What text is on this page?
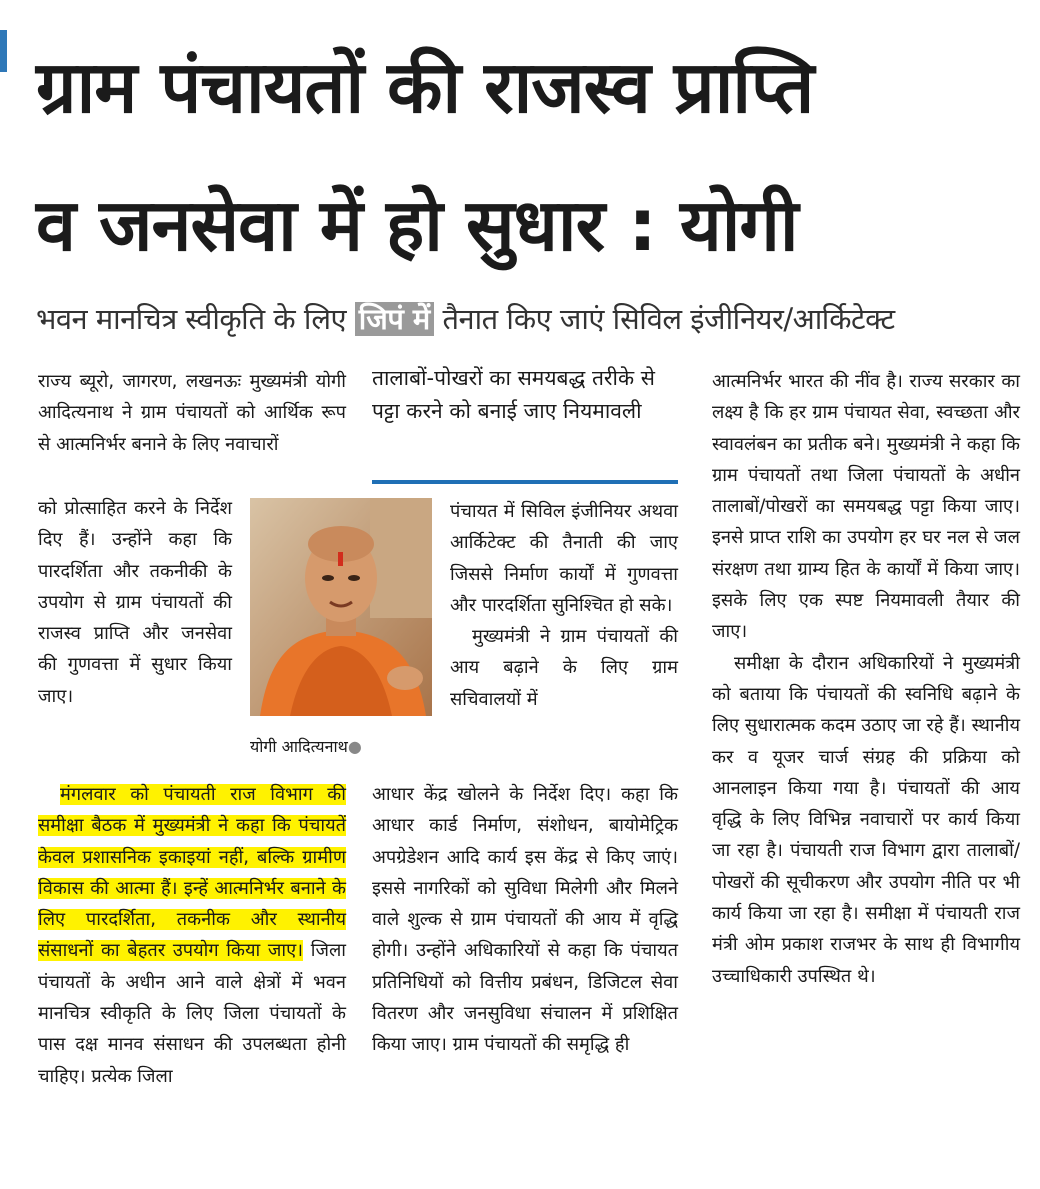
ग्राम पंचायतों की राजस्व प्राप्ति
व जनसेवा में हो सुधार : योगी
भवन मानचित्र स्वीकृति के लिए जिपं में तैनात किए जाएं सिविल इंजीनियर/आर्किटेक्ट

राज्य ब्यूरो, जागरण, लखनऊः मुख्यमंत्री योगी आदित्यनाथ ने ग्राम पंचायतों को आर्थिक रूप से आत्मनिर्भर बनाने के लिए नवाचारों

को प्रोत्साहित करने के निर्देश दिए हैं। उन्होंने कहा कि पारदर्शिता और तकनीकी के उपयोग से ग्राम पंचायतों की राजस्व प्राप्ति और जनसेवा की गुणवत्ता में सुधार किया जाए।

मंगलवार को पंचायती राज विभाग की समीक्षा बैठक में मुख्यमंत्री ने कहा कि पंचायतें केवल प्रशासनिक इकाइयां नहीं, बल्कि ग्रामीण विकास की आत्मा हैं। इन्हें आत्मनिर्भर बनाने के लिए पारदर्शिता, तकनीक और स्थानीय संसाधनों का बेहतर उपयोग किया जाए। जिला पंचायतों के अधीन आने वाले क्षेत्रों में भवन मानचित्र स्वीकृति के लिए जिला पंचायतों के पास दक्ष मानव संसाधन की उपलब्धता होनी चाहिए। प्रत्येक जिला

योगी आदित्यनाथ●
तालाबों-पोखरों का समयबद्ध तरीके से पट्टा करने को बनाई जाए नियमावली

पंचायत में सिविल इंजीनियर अथवा आर्किटेक्ट की तैनाती की जाए जिससे निर्माण कार्यों में गुणवत्ता और पारदर्शिता सुनिश्चित हो सके।

मुख्यमंत्री ने ग्राम पंचायतों की आय बढ़ाने के लिए ग्राम सचिवालयों में

आधार केंद्र खोलने के निर्देश दिए। कहा कि आधार कार्ड निर्माण, संशोधन, बायोमेट्रिक अपग्रेडेशन आदि कार्य इस केंद्र से किए जाएं। इससे नागरिकों को सुविधा मिलेगी और मिलने वाले शुल्क से ग्राम पंचायतों की आय में वृद्धि होगी। उन्होंने अधिकारियों से कहा कि पंचायत प्रतिनिधियों को वित्तीय प्रबंधन, डिजिटल सेवा वितरण और जनसुविधा संचालन में प्रशिक्षित किया जाए। ग्राम पंचायतों की समृद्धि ही

आत्मनिर्भर भारत की नींव है। राज्य सरकार का लक्ष्य है कि हर ग्राम पंचायत सेवा, स्वच्छता और स्वावलंबन का प्रतीक बने। मुख्यमंत्री ने कहा कि ग्राम पंचायतों तथा जिला पंचायतों के अधीन तालाबों/पोखरों का समयबद्ध पट्टा किया जाए। इनसे प्राप्त राशि का उपयोग हर घर नल से जल संरक्षण तथा ग्राम्य हित के कार्यों में किया जाए। इसके लिए एक स्पष्ट नियमावली तैयार की जाए।

समीक्षा के दौरान अधिकारियों ने मुख्यमंत्री को बताया कि पंचायतों की स्वनिधि बढ़ाने के लिए सुधारात्मक कदम उठाए जा रहे हैं। स्थानीय कर व यूजर चार्ज संग्रह की प्रक्रिया को आनलाइन किया गया है। पंचायतों की आय वृद्धि के लिए विभिन्न नवाचारों पर कार्य किया जा रहा है। पंचायती राज विभाग द्वारा तालाबों/पोखरों की सूचीकरण और उपयोग नीति पर भी कार्य किया जा रहा है। समीक्षा में पंचायती राज मंत्री ओम प्रकाश राजभर के साथ ही विभागीय उच्चाधिकारी उपस्थित थे।
